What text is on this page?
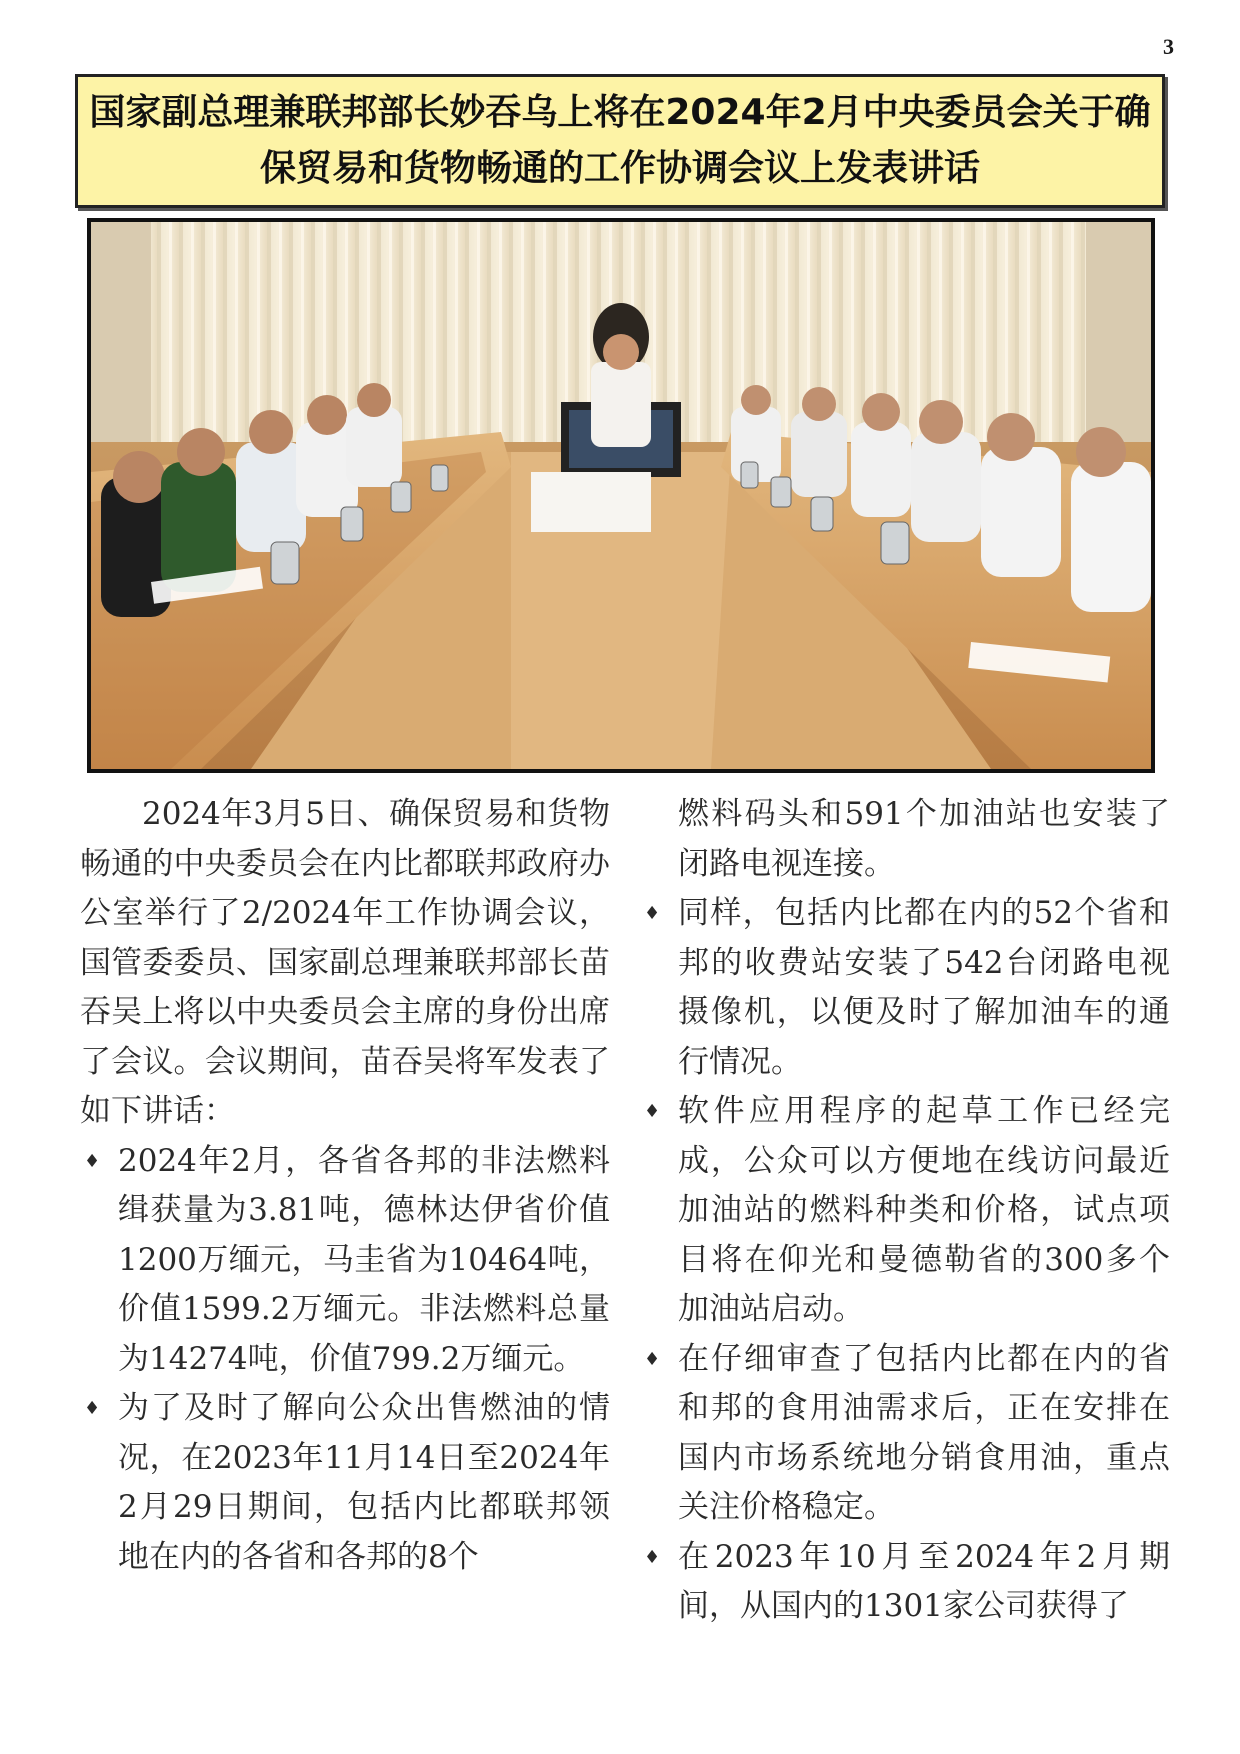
3
国家副总理兼联邦部长妙吞乌上将在2024年2月中央委员会关于确
保贸易和货物畅通的工作协调会议上发表讲话

2024年3月5日、确保贸易和货物畅通的中央委员会在内比都联邦政府办公室举行了2/2024年工作协调会议，国管委委员、国家副总理兼联邦部长苗吞吴上将以中央委员会主席的身份出席了会议。会议期间，苗吞吴将军发表了如下讲话：

♦ 2024年2月，各省各邦的非法燃料缉获量为3.81吨，德林达伊省价值1200万缅元，马圭省为10464吨，价值1599.2万缅元。非法燃料总量为14274吨，价值799.2万缅元。

♦ 为了及时了解向公众出售燃油的情况，在2023年11月14日至2024年2月29日期间，包括内比都联邦领地在内的各省和各邦的8个

燃料码头和591个加油站也安装了闭路电视连接。

♦ 同样，包括内比都在内的52个省和邦的收费站安装了542台闭路电视摄像机，以便及时了解加油车的通行情况。

♦ 软件应用程序的起草工作已经完成，公众可以方便地在线访问最近加油站的燃料种类和价格，试点项目将在仰光和曼德勒省的300多个加油站启动。

♦ 在仔细审查了包括内比都在内的省和邦的食用油需求后，正在安排在国内市场系统地分销食用油，重点关注价格稳定。

♦ 在2023年10月至2024年2月期间，从国内的1301家公司获得了
